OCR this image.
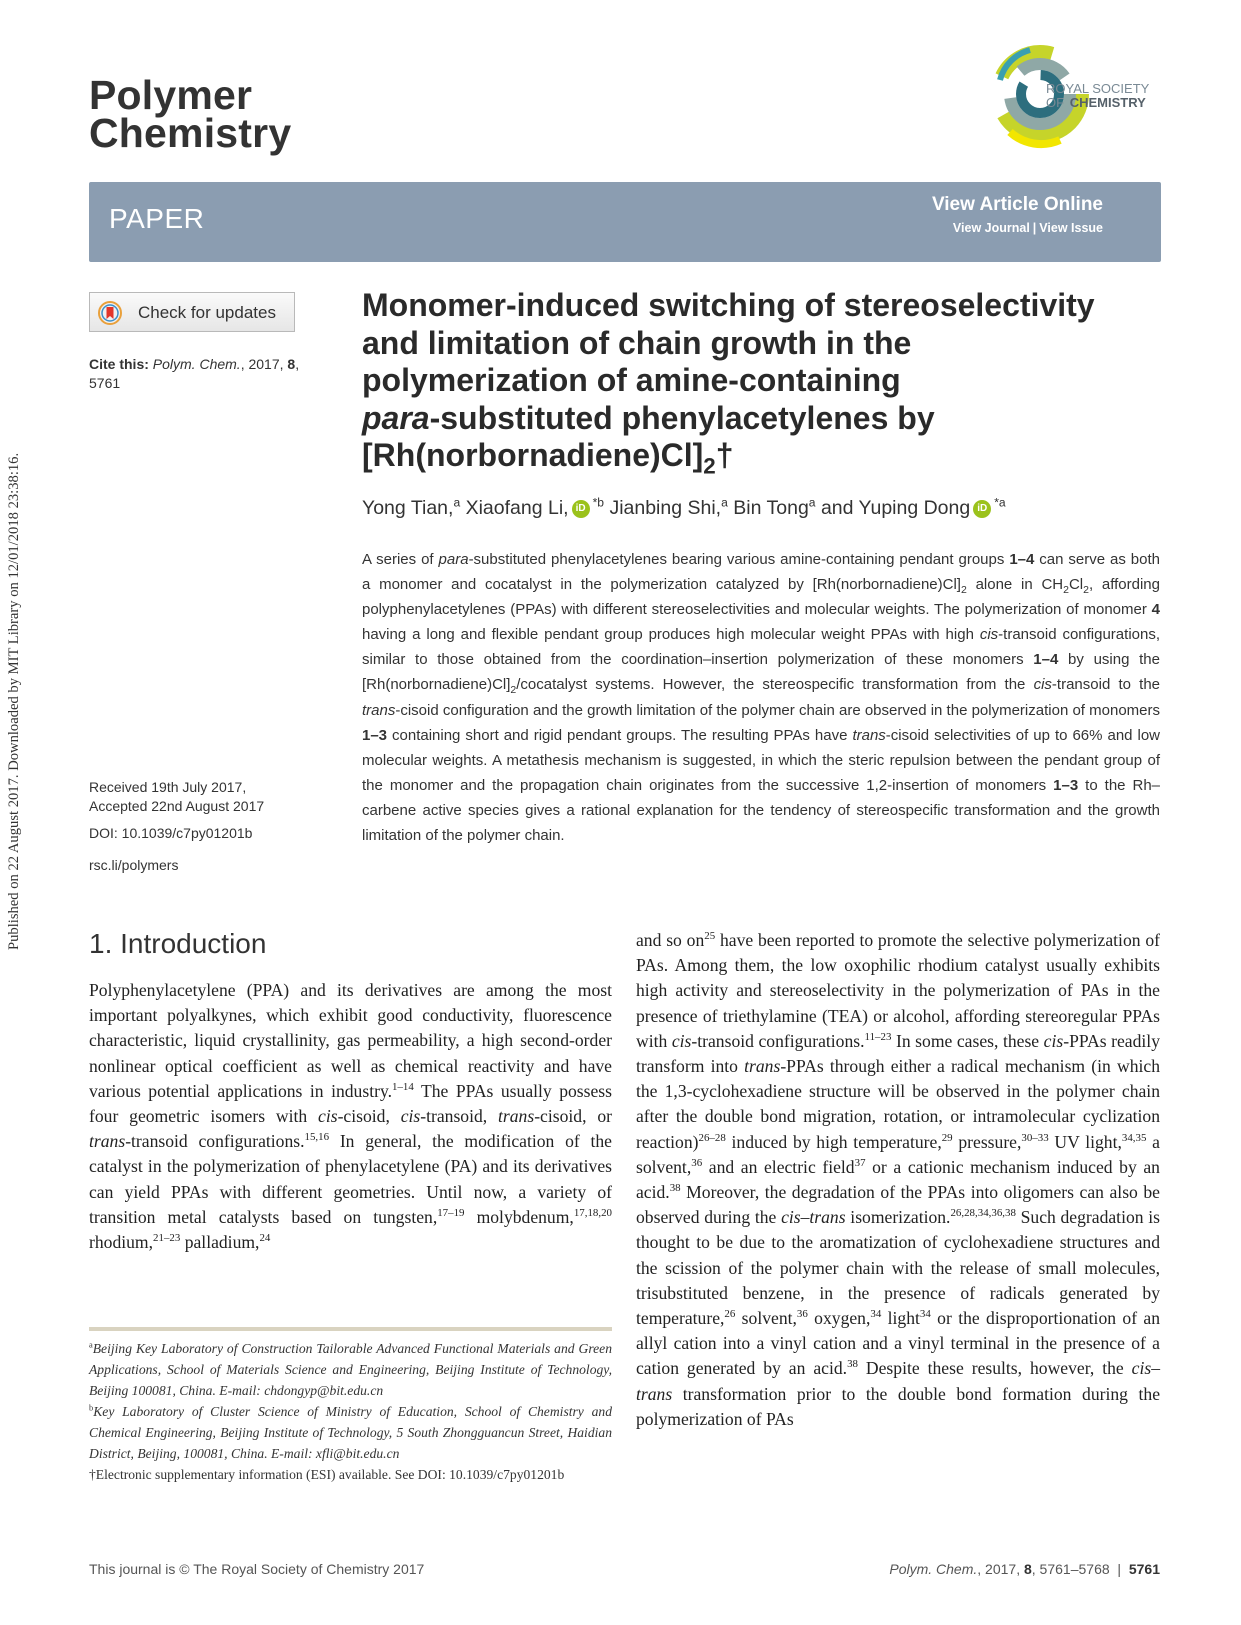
Published on 22 August 2017. Downloaded by MIT Library on 12/01/2018 23:38:16.
Polymer
Chemistry
ROYAL SOCIETY
OF CHEMISTRY
PAPER	View Article Online
View Journal | View Issue
Check for updates
Cite this: Polym. Chem., 2017, 8,
5761
Received 19th July 2017,
Accepted 22nd August 2017
DOI: 10.1039/c7py01201b
rsc.li/polymers
Monomer-induced switching of stereoselectivity
and limitation of chain growth in the
polymerization of amine-containing
para-substituted phenylacetylenes by
$[Rh(norbornadiene)Cl]_2\dagger$
Yong Tian,$^a$ Xiaofang Li, iD $^{*b}$ Jianbing Shi,$^a$ Bin Tong$^a$ and Yuping Dong iD $^{*a}$
A series of para-substituted phenylacetylenes bearing various amine-containing pendant groups 1–4 can serve as both a monomer and cocatalyst in the polymerization catalyzed by $[Rh(norbornadiene)Cl]_2$ alone in $CH_2Cl_2$, affording polyphenylacetylenes (PPAs) with different stereoselectivities and molecular weights. The polymerization of monomer 4 having a long and flexible pendant group produces high molecular weight PPAs with high cis-transoid configurations, similar to those obtained from the coordination–insertion polymerization of these monomers 1–4 by using the $[Rh(norbornadiene)Cl]_2$/cocatalyst systems. However, the stereospecific transformation from the cis-transoid to the trans-cisoid configuration and the growth limitation of the polymer chain are observed in the polymerization of monomers 1–3 containing short and rigid pendant groups. The resulting PPAs have trans-cisoid selectivities of up to 66% and low molecular weights. A metathesis mechanism is suggested, in which the steric repulsion between the pendant group of the monomer and the propagation chain originates from the successive 1,2-insertion of monomers 1–3 to the Rh–carbene active species gives a rational explanation for the tendency of stereospecific transformation and the growth limitation of the polymer chain.
1. Introduction
Polyphenylacetylene (PPA) and its derivatives are among the most important polyalkynes, which exhibit good conductivity, fluorescence characteristic, liquid crystallinity, gas permeability, a high second-order nonlinear optical coefficient as well as chemical reactivity and have various potential applications in industry.$^{1-14}$ The PPAs usually possess four geometric isomers with cis-cisoid, cis-transoid, trans-cisoid, or trans-transoid configurations.$^{15,16}$ In general, the modification of the catalyst in the polymerization of phenylacetylene (PA) and its derivatives can yield PPAs with different geometries. Until now, a variety of transition metal catalysts based on tungsten,$^{17-19}$ molybdenum,$^{17,18,20}$ rhodium,$^{21-23}$ palladium,$^{24}$
and so $on^{25}$ have been reported to promote the selective polymerization of PAs. Among them, the low oxophilic rhodium catalyst usually exhibits high activity and stereoselectivity in the polymerization of PAs in the presence of triethylamine (TEA) or alcohol, affording stereoregular PPAs with cis-transoid configurations.$^{11-23}$ In some cases, these cis-PPAs readily transform into trans-PPAs through either a radical mechanism (in which the 1,3-cyclohexadiene structure will be observed in the polymer chain after the double bond migration, rotation, or intramolecular cyclization reaction)$^{26-28}$ induced by high temperature,$^{29}$ pressure,$^{30-33}$ UV light,$^{34,35}$ a solvent,$^{36}$ and an electric field$^{37}$ or a cationic mechanism induced by an acid.$^{38}$ Moreover, the degradation of the PPAs into oligomers can also be observed during the cis–trans isomerization.$^{26,28,34,36,38}$ Such degradation is thought to be due to the aromatization of cyclohexadiene structures and the scission of the polymer chain with the release of small molecules, trisubstituted benzene, in the presence of radicals generated by temperature,$^{26}$ solvent,$^{36}$ oxygen,$^{34}$ light$^{34}$ or the disproportionation of an allyl cation into a vinyl cation and a vinyl terminal in the presence of a cation generated by an acid.$^{38}$ Despite these results, however, the cis–trans transformation prior to the double bond formation during the polymerization of PAs

$^a$Beijing Key Laboratory of Construction Tailorable Advanced Functional Materials and Green Applications, School of Materials Science and Engineering, Beijing Institute of Technology, Beijing 100081, China. E-mail: chdongyp@bit.edu.cn

$^b$Key Laboratory of Cluster Science of Ministry of Education, School of Chemistry and Chemical Engineering, Beijing Institute of Technology, 5 South Zhongguancun Street, Haidian District, Beijing, 100081, China. E-mail: xfli@bit.edu.cn

†Electronic supplementary information (ESI) available. See DOI: 10.1039/c7py01201b

This journal is © The Royal Society of Chemistry 2017	Polym. Chem., 2017, 8, 5761–5768 | 5761
